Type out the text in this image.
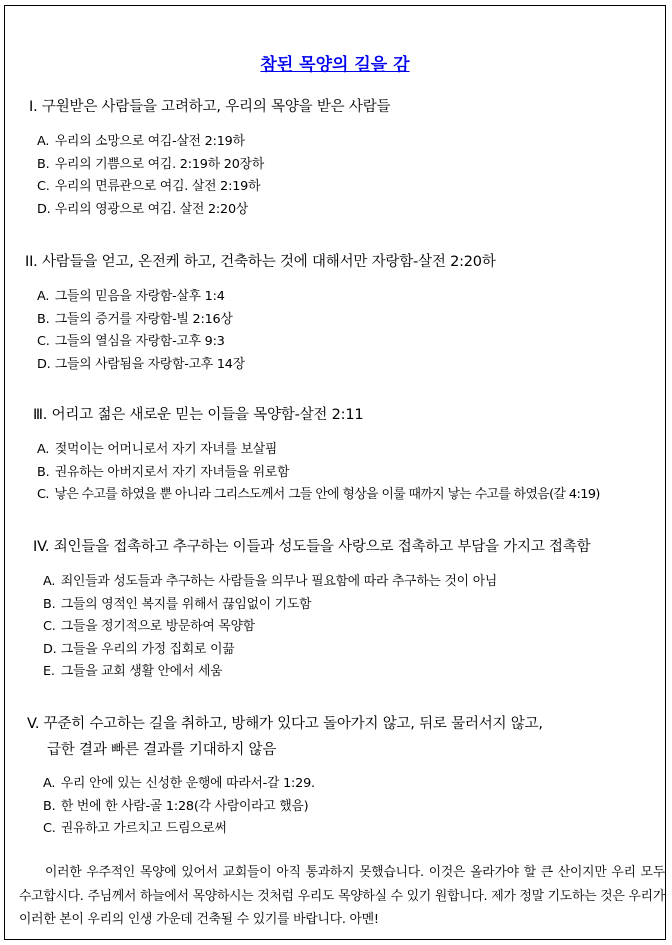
참된 목양의 길을 감
Ⅰ. 구원받은 사람들을 고려하고, 우리의 목양을 받은 사람들
A. 우리의 소망으로 여김-살전 2:19하
B. 우리의 기쁨으로 여김. 2:19하 20장하
C. 우리의 면류관으로 여김. 살전 2:19하
D. 우리의 영광으로 여김. 살전 2:20상
II. 사람들을 얻고, 온전케 하고, 건축하는 것에 대해서만 자랑함-살전 2:20하
A. 그들의 믿음을 자랑함-살후 1:4
B. 그들의 증거를 자랑함-빌 2:16상
C. 그들의 열심을 자랑함-고후 9:3
D. 그들의 사람됨을 자랑함-고후 14장
Ⅲ. 어리고 젊은 새로운 믿는 이들을 목양함-살전 2:11
A. 젖먹이는 어머니로서 자기 자녀를 보살핌
B. 권유하는 아버지로서 자기 자녀들을 위로함
C. 낳은 수고를 하였을 뿐 아니라 그리스도께서 그들 안에 형상을 이룰 때까지 낳는 수고를 하였음(갈 4:19)
IV. 죄인들을 접촉하고 추구하는 이들과 성도들을 사랑으로 접촉하고 부담을 가지고 접촉함
A. 죄인들과 성도들과 추구하는 사람들을 의무나 필요함에 따라 추구하는 것이 아님
B. 그들의 영적인 복지를 위해서 끊임없이 기도함
C. 그들을 정기적으로 방문하여 목양함
D. 그들을 우리의 가정 집회로 이끎
E. 그들을 교회 생활 안에서 세움
V. 꾸준히 수고하는 길을 취하고, 방해가 있다고 돌아가지 않고, 뒤로 물러서지 않고,
급한 결과 빠른 결과를 기대하지 않음
A. 우리 안에 있는 신성한 운행에 따라서-갈 1:29.
B. 한 번에 한 사람-골 1:28(각 사람이라고 했음)
C. 권유하고 가르치고 드림으로써

이러한 우주적인 목양에 있어서 교회들이 아직 통과하지 못했습니다. 이것은 올라가야 할 큰 산이지만 우리 모두 수고합시다. 주님께서 하늘에서 목양하시는 것처럼 우리도 목양하실 수 있기 원합니다. 제가 정말 기도하는 것은 우리가 이러한 본이 우리의 인생 가운데 건축될 수 있기를 바랍니다. 아멘!
